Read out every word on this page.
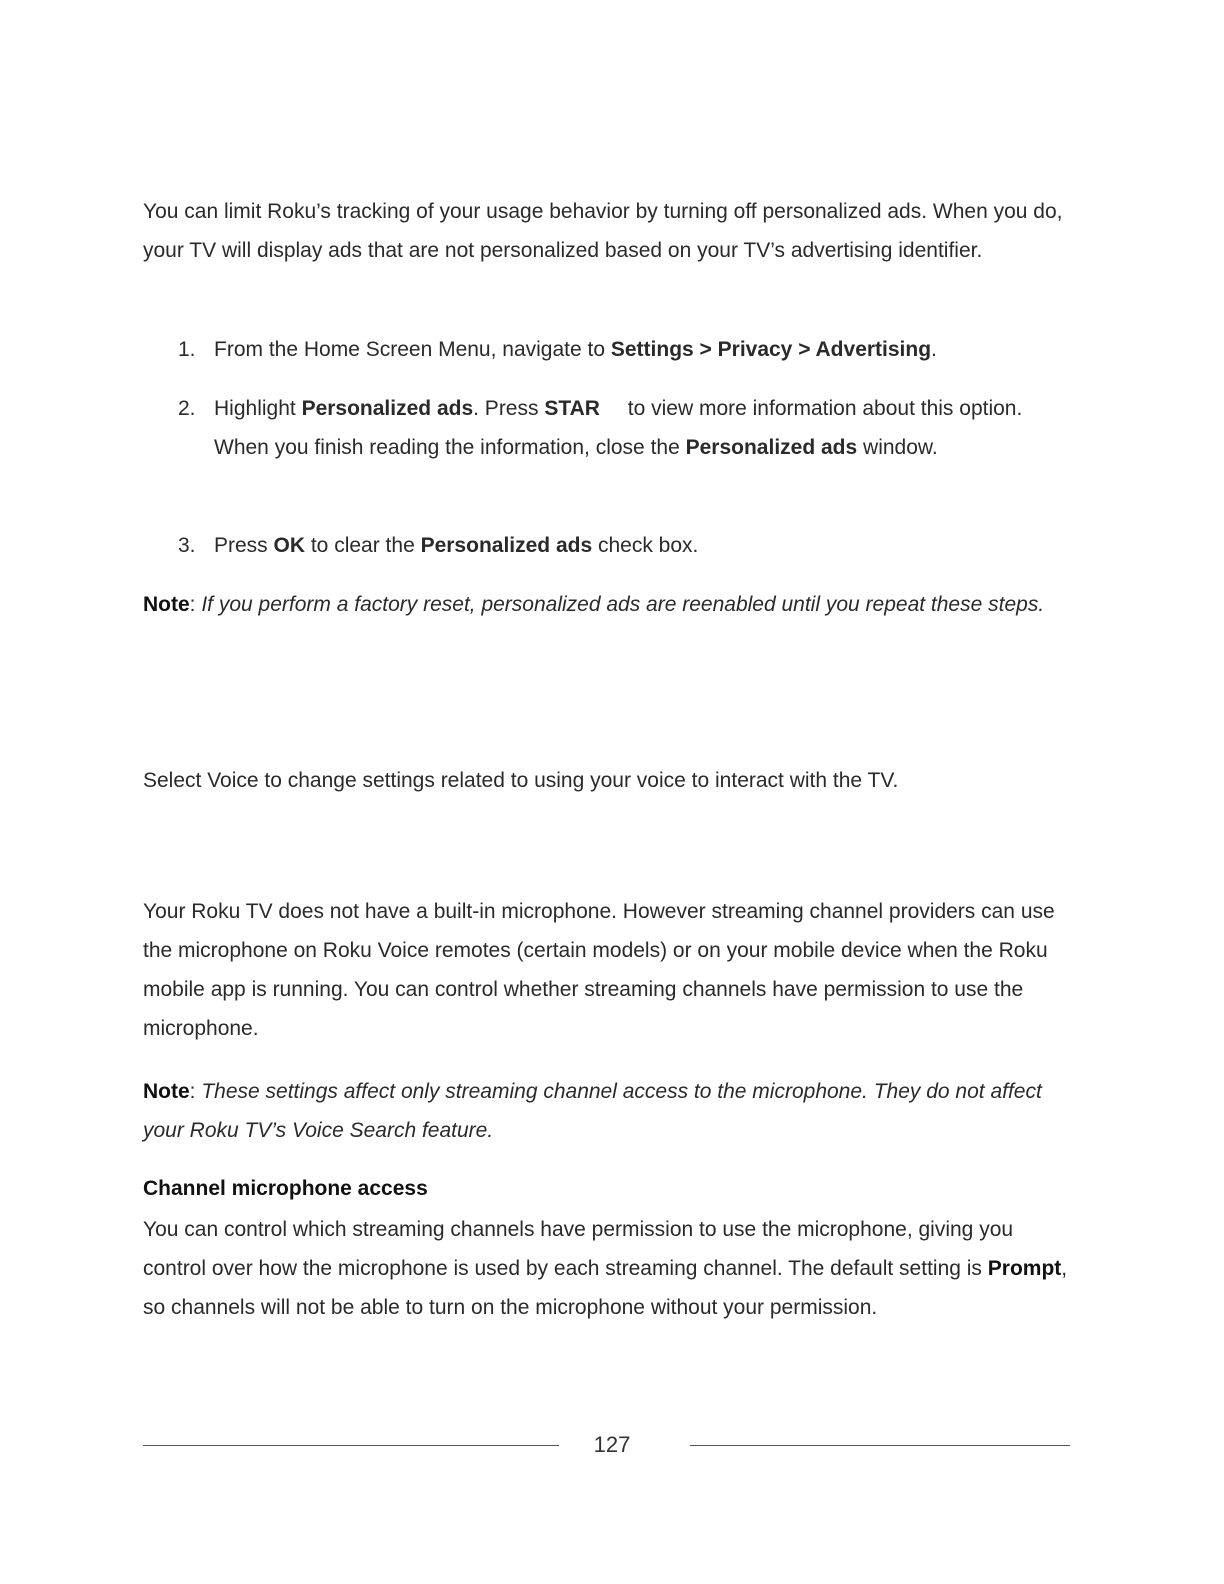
You can limit Roku’s tracking of your usage behavior by turning off personalized ads. When you do, your TV will display ads that are not personalized based on your TV’s advertising identifier.

1. From the Home Screen Menu, navigate to Settings > Privacy > Advertising.
2. Highlight Personalized ads. Press STAR to view more information about this option. When you finish reading the information, close the Personalized ads window.
3. Press OK to clear the Personalized ads check box.

Note: If you perform a factory reset, personalized ads are reenabled until you repeat these steps.

Select Voice to change settings related to using your voice to interact with the TV.

Your Roku TV does not have a built-in microphone. However streaming channel providers can use the microphone on Roku Voice remotes (certain models) or on your mobile device when the Roku mobile app is running. You can control whether streaming channels have permission to use the microphone.

Note: These settings affect only streaming channel access to the microphone. They do not affect your Roku TV’s Voice Search feature.

Channel microphone access

You can control which streaming channels have permission to use the microphone, giving you control over how the microphone is used by each streaming channel. The default setting is Prompt, so channels will not be able to turn on the microphone without your permission.

127
